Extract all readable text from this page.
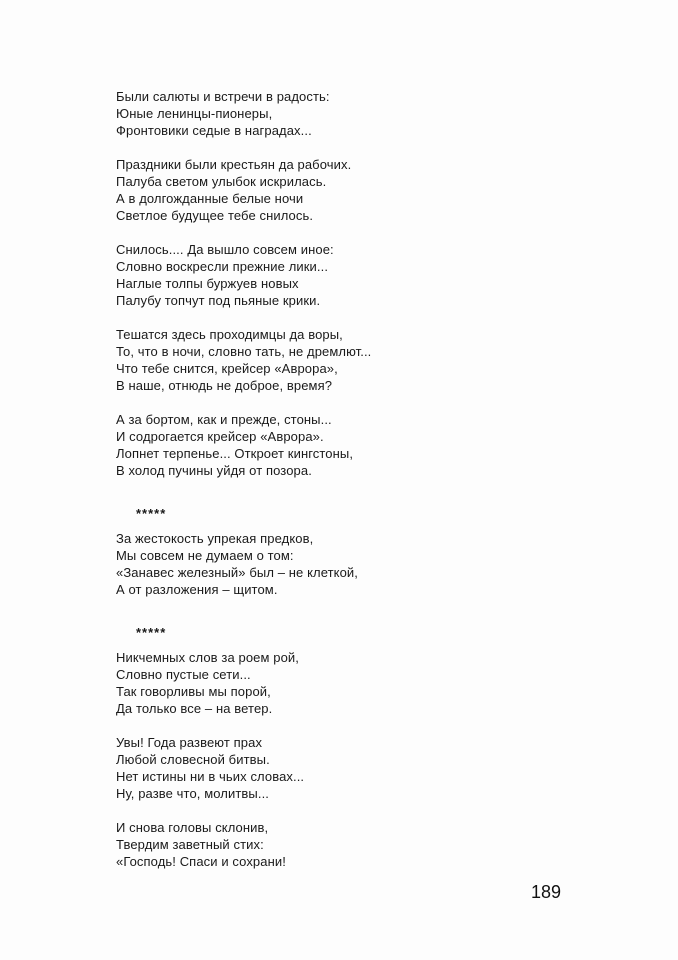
Были салюты и встречи в радость:
Юные ленинцы-пионеры,
Фронтовики седые в наградах...
Праздники были крестьян да рабочих.
Палуба светом улыбок искрилась.
А в долгожданные белые ночи
Светлое будущее тебе снилось.
Снилось.... Да вышло совсем иное:
Словно воскресли прежние лики...
Наглые толпы буржуев новых
Палубу топчут под пьяные крики.
Тешатся здесь проходимцы да воры,
То, что в ночи, словно тать, не дремлют...
Что тебе снится, крейсер «Аврора»,
В наше, отнюдь не доброе, время?
А за бортом, как и прежде, стоны...
И содрогается крейсер «Аврора».
Лопнет терпенье... Откроет кингстоны,
В холод пучины уйдя от позора.
*****
За жестокость упрекая предков,
Мы совсем не думаем о том:
«Занавес железный» был – не клеткой,
А от разложения – щитом.
*****
Никчемных слов за роем рой,
Словно пустые сети...
Так говорливы мы порой,
Да только все – на ветер.
Увы! Года развеют прах
Любой словесной битвы.
Нет истины ни в чьих словах...
Ну, разве что, молитвы...
И снова головы склонив,
Твердим заветный стих:
«Господь! Спаси и сохрани!
189
